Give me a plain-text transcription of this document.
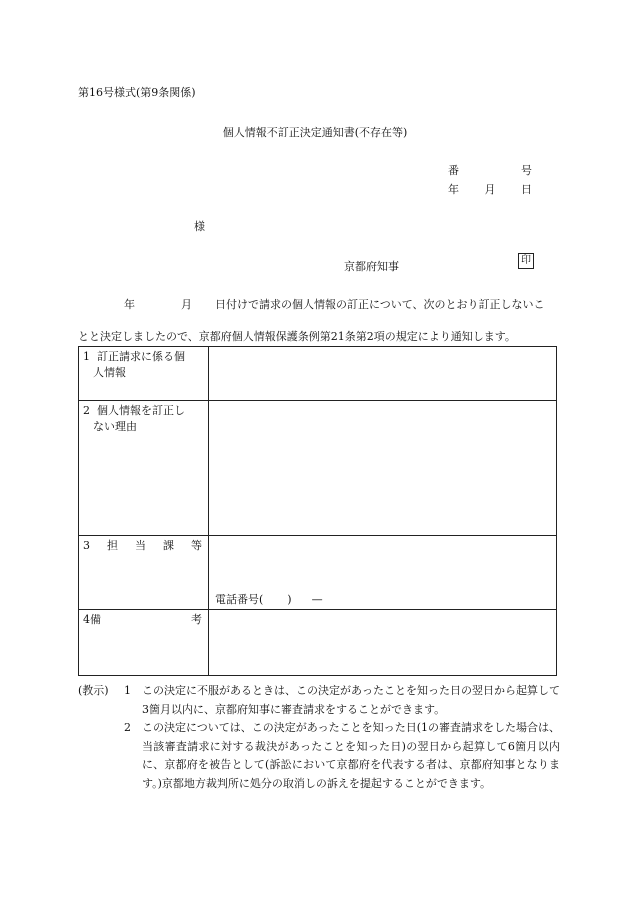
第16号様式(第9条関係)
個人情報不訂正決定通知書(不存在等)
番	号
年 月 日
様
京都府知事	印
年	月 日付けで請求の個人情報の訂正について、次のとおり訂正しないこ
とと決定しましたので、京都府個人情報保護条例第21条第2項の規定により通知します。
1 訂正請求に係る個
人情報	

2 個人情報を訂正し
ない理由	

3 担 当 課 等	電話番号( ) —

4 備 考	

(教示)	1	この決定に不服があるときは、この決定があったことを知った日の翌日から起算して3箇月以内に、京都府知事に審査請求をすることができます。
2	この決定については、この決定があったことを知った日(1の審査請求をした場合は、当該審査請求に対する裁決があったことを知った日)の翌日から起算して6箇月以内に、京都府を被告として(訴訟において京都府を代表する者は、京都府知事となります。)京都地方裁判所に処分の取消しの訴えを提起することができます。
